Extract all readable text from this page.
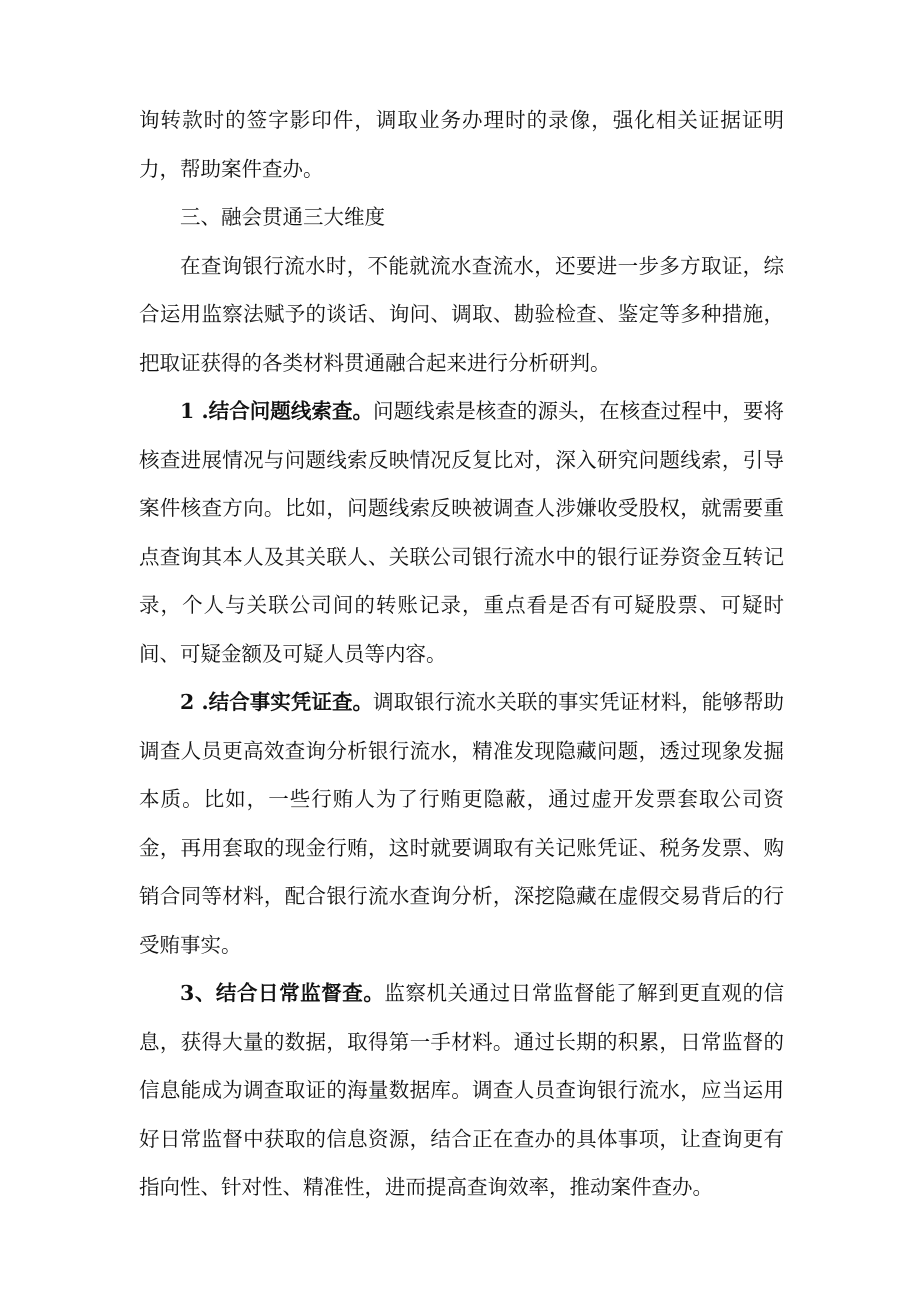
询转款时的签字影印件，调取业务办理时的录像，强化相关证据证明力，帮助案件查办。

三、融会贯通三大维度

在查询银行流水时，不能就流水查流水，还要进一步多方取证，综合运用监察法赋予的谈话、询问、调取、勘验检查、鉴定等多种措施，把取证获得的各类材料贯通融合起来进行分析研判。

1 .结合问题线索查。问题线索是核查的源头，在核查过程中，要将核查进展情况与问题线索反映情况反复比对，深入研究问题线索，引导案件核查方向。比如，问题线索反映被调查人涉嫌收受股权，就需要重点查询其本人及其关联人、关联公司银行流水中的银行证券资金互转记录，个人与关联公司间的转账记录，重点看是否有可疑股票、可疑时间、可疑金额及可疑人员等内容。

2 .结合事实凭证查。调取银行流水关联的事实凭证材料，能够帮助调查人员更高效查询分析银行流水，精准发现隐藏问题，透过现象发掘本质。比如，一些行贿人为了行贿更隐蔽，通过虚开发票套取公司资金，再用套取的现金行贿，这时就要调取有关记账凭证、税务发票、购销合同等材料，配合银行流水查询分析，深挖隐藏在虚假交易背后的行受贿事实。

3、结合日常监督查。监察机关通过日常监督能了解到更直观的信息，获得大量的数据，取得第一手材料。通过长期的积累，日常监督的信息能成为调查取证的海量数据库。调查人员查询银行流水，应当运用好日常监督中获取的信息资源，结合正在查办的具体事项，让查询更有指向性、针对性、精准性，进而提高查询效率，推动案件查办。
